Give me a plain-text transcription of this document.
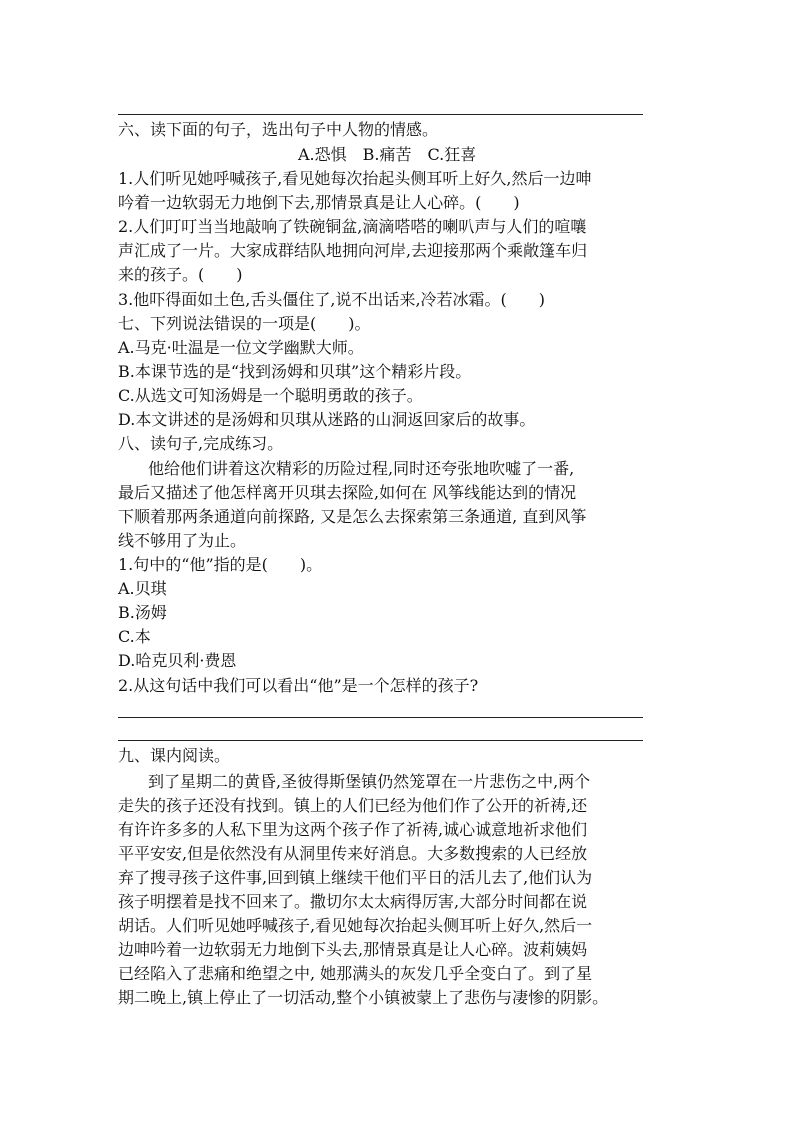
六、读下面的句子，选出句子中人物的情感。
A.恐惧　B.痛苦　C.狂喜
1.人们听见她呼喊孩子,看见她每次抬起头侧耳听上好久,然后一边呻
吟着一边软弱无力地倒下去,那情景真是让人心碎。(　　)
2.人们叮叮当当地敲响了铁碗铜盆,滴滴嗒嗒的喇叭声与人们的喧嚷
声汇成了一片。大家成群结队地拥向河岸,去迎接那两个乘敞篷车归
来的孩子。(　　)
3.他吓得面如土色,舌头僵住了,说不出话来,冷若冰霜。(　　)
七、下列说法错误的一项是(　　)。
A.马克·吐温是一位文学幽默大师。
B.本课节选的是“找到汤姆和贝琪”这个精彩片段。
C.从选文可知汤姆是一个聪明勇敢的孩子。
D.本文讲述的是汤姆和贝琪从迷路的山洞返回家后的故事。
八、读句子,完成练习。
他给他们讲着这次精彩的历险过程,同时还夸张地吹嘘了一番,
最后又描述了他怎样离开贝琪去探险,如何在 风筝线能达到的情况
下顺着那两条通道向前探路, 又是怎么去探索第三条通道, 直到风筝
线不够用了为止。
1.句中的“他”指的是(　　)。
A.贝琪
B.汤姆
C.本
D.哈克贝利·费恩
2.从这句话中我们可以看出“他”是一个怎样的孩子?
九、课内阅读。
到了星期二的黄昏,圣彼得斯堡镇仍然笼罩在一片悲伤之中,两个
走失的孩子还没有找到。镇上的人们已经为他们作了公开的祈祷,还
有许许多多的人私下里为这两个孩子作了祈祷,诚心诚意地祈求他们
平平安安,但是依然没有从洞里传来好消息。大多数搜索的人已经放
弃了搜寻孩子这件事,回到镇上继续干他们平日的活儿去了,他们认为
孩子明摆着是找不回来了。撒切尔太太病得厉害,大部分时间都在说
胡话。人们听见她呼喊孩子,看见她每次抬起头侧耳听上好久,然后一
边呻吟着一边软弱无力地倒下头去,那情景真是让人心碎。波莉姨妈
已经陷入了悲痛和绝望之中, 她那满头的灰发几乎全变白了。到了星
期二晚上,镇上停止了一切活动,整个小镇被蒙上了悲伤与凄惨的阴影。
